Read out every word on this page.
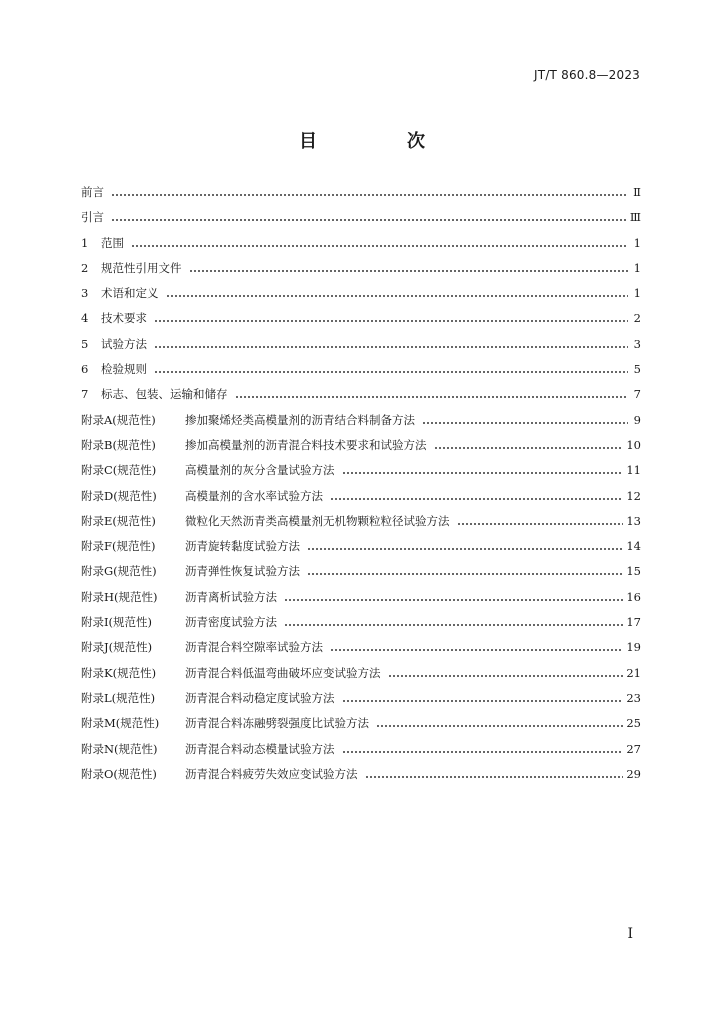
JT/T 860.8—2023
目　次
前言	Ⅱ
引言	Ⅲ
1	范围	1
2	规范性引用文件	1
3	术语和定义	1
4	技术要求	2
5	试验方法	3
6	检验规则	5
7	标志、包装、运输和储存	7
附录A(规范性)	掺加聚烯烃类高模量剂的沥青结合料制备方法	9
附录B(规范性)	掺加高模量剂的沥青混合料技术要求和试验方法	10
附录C(规范性)	高模量剂的灰分含量试验方法	11
附录D(规范性)	高模量剂的含水率试验方法	12
附录E(规范性)	微粒化天然沥青类高模量剂无机物颗粒粒径试验方法	13
附录F(规范性)	沥青旋转黏度试验方法	14
附录G(规范性)	沥青弹性恢复试验方法	15
附录H(规范性)	沥青离析试验方法	16
附录I(规范性)	沥青密度试验方法	17
附录J(规范性)	沥青混合料空隙率试验方法	19
附录K(规范性)	沥青混合料低温弯曲破坏应变试验方法	21
附录L(规范性)	沥青混合料动稳定度试验方法	23
附录M(规范性)	沥青混合料冻融劈裂强度比试验方法	25
附录N(规范性)	沥青混合料动态模量试验方法	27
附录O(规范性)	沥青混合料疲劳失效应变试验方法	29
I
